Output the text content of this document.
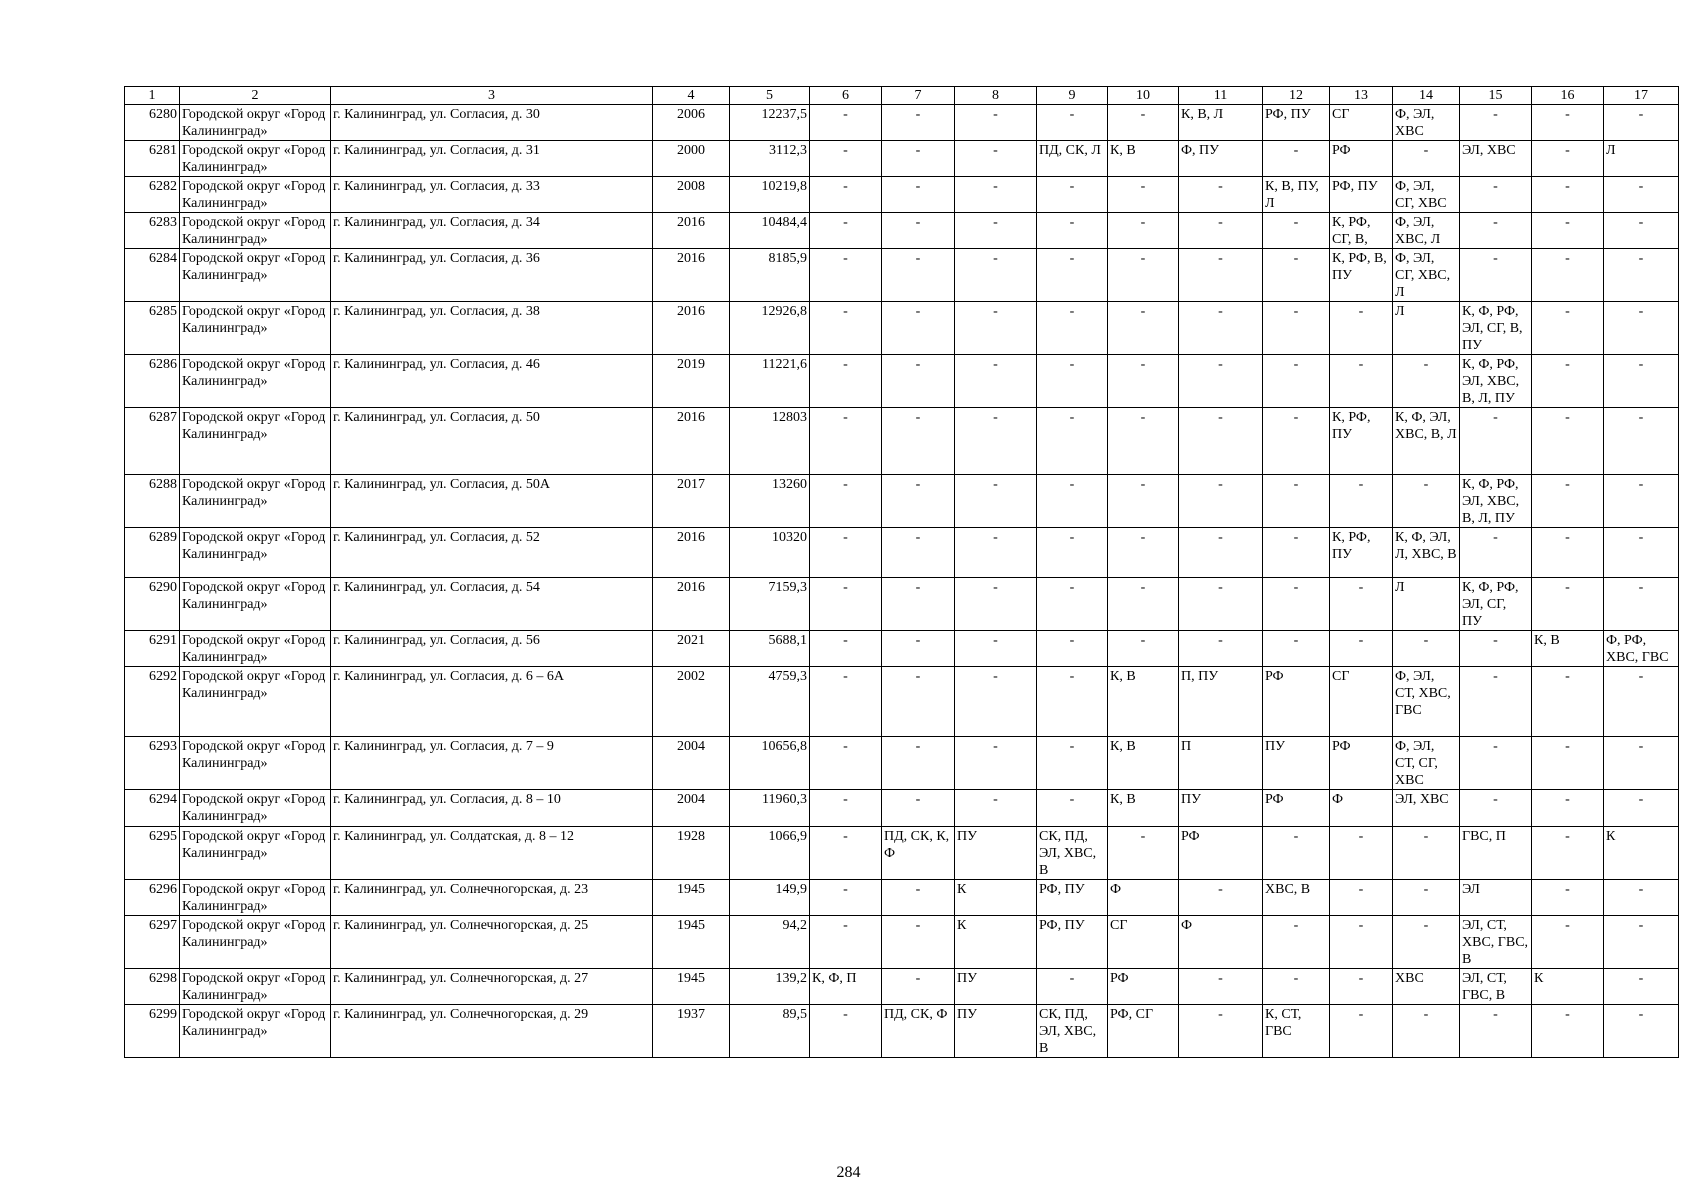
1	2	3	4	5	6	7	8	9	10	11	12	13	14	15	16	17
6280	Городской округ «Город Калининград»	г. Калининград, ул. Согласия, д. 30	2006	12237,5	-	-	-	-	-	К, В, Л	РФ, ПУ	СГ	Ф, ЭЛ, ХВС	-	-	-
6281	Городской округ «Город Калининград»	г. Калининград, ул. Согласия, д. 31	2000	3112,3	-	-	-	ПД, СК, Л	К, В	Ф, ПУ	-	РФ	-	ЭЛ, ХВС	-	Л
6282	Городской округ «Город Калининград»	г. Калининград, ул. Согласия, д. 33	2008	10219,8	-	-	-	-	-	-	К, В, ПУ, Л	РФ, ПУ	Ф, ЭЛ, СГ, ХВС	-	-	-
6283	Городской округ «Город Калининград»	г. Калининград, ул. Согласия, д. 34	2016	10484,4	-	-	-	-	-	-	-	К, РФ, СГ, В,	Ф, ЭЛ, ХВС, Л	-	-	-
6284	Городской округ «Город Калининград»	г. Калининград, ул. Согласия, д. 36	2016	8185,9	-	-	-	-	-	-	-	К, РФ, В, ПУ	Ф, ЭЛ, СГ, ХВС, Л	-	-	-
6285	Городской округ «Город Калининград»	г. Калининград, ул. Согласия, д. 38	2016	12926,8	-	-	-	-	-	-	-	-	Л	К, Ф, РФ, ЭЛ, СГ, В, ПУ	-	-
6286	Городской округ «Город Калининград»	г. Калининград, ул. Согласия, д. 46	2019	11221,6	-	-	-	-	-	-	-	-	-	К, Ф, РФ, ЭЛ, ХВС, В, Л, ПУ	-	-
6287	Городской округ «Город Калининград»	г. Калининград, ул. Согласия, д. 50	2016	12803	-	-	-	-	-	-	-	К, РФ, ПУ	К, Ф, ЭЛ, ХВС, В, Л	-	-	-
6288	Городской округ «Город Калининград»	г. Калининград, ул. Согласия, д. 50А	2017	13260	-	-	-	-	-	-	-	-	-	К, Ф, РФ, ЭЛ, ХВС, В, Л, ПУ	-	-
6289	Городской округ «Город Калининград»	г. Калининград, ул. Согласия, д. 52	2016	10320	-	-	-	-	-	-	-	К, РФ, ПУ	К, Ф, ЭЛ, Л, ХВС, В	-	-	-
6290	Городской округ «Город Калининград»	г. Калининград, ул. Согласия, д. 54	2016	7159,3	-	-	-	-	-	-	-	-	Л	К, Ф, РФ, ЭЛ, СГ, ПУ	-	-
6291	Городской округ «Город Калининград»	г. Калининград, ул. Согласия, д. 56	2021	5688,1	-	-	-	-	-	-	-	-	-	-	К, В	Ф, РФ, ХВС, ГВС
6292	Городской округ «Город Калининград»	г. Калининград, ул. Согласия, д. 6 – 6А	2002	4759,3	-	-	-	-	К, В	П, ПУ	РФ	СГ	Ф, ЭЛ, СТ, ХВС, ГВС	-	-	-
6293	Городской округ «Город Калининград»	г. Калининград, ул. Согласия, д. 7 – 9	2004	10656,8	-	-	-	-	К, В	П	ПУ	РФ	Ф, ЭЛ, СТ, СГ, ХВС	-	-	-
6294	Городской округ «Город Калининград»	г. Калининград, ул. Согласия, д. 8 – 10	2004	11960,3	-	-	-	-	К, В	ПУ	РФ	Ф	ЭЛ, ХВС	-	-	-
6295	Городской округ «Город Калининград»	г. Калининград, ул. Солдатская, д. 8 – 12	1928	1066,9	-	ПД, СК, К, Ф	ПУ	СК, ПД, ЭЛ, ХВС, В	-	РФ	-	-	-	ГВС, П	-	К
6296	Городской округ «Город Калининград»	г. Калининград, ул. Солнечногорская, д. 23	1945	149,9	-	-	К	РФ, ПУ	Ф	-	ХВС, В	-	-	ЭЛ	-	-
6297	Городской округ «Город Калининград»	г. Калининград, ул. Солнечногорская, д. 25	1945	94,2	-	-	К	РФ, ПУ	СГ	Ф	-	-	-	ЭЛ, СТ, ХВС, ГВС, В	-	-
6298	Городской округ «Город Калининград»	г. Калининград, ул. Солнечногорская, д. 27	1945	139,2	К, Ф, П	-	ПУ	-	РФ	-	-	-	ХВС	ЭЛ, СТ, ГВС, В	К	-
6299	Городской округ «Город Калининград»	г. Калининград, ул. Солнечногорская, д. 29	1937	89,5	-	ПД, СК, Ф	ПУ	СК, ПД, ЭЛ, ХВС, В	РФ, СГ	-	К, СТ, ГВС	-	-	-	-	-
284
